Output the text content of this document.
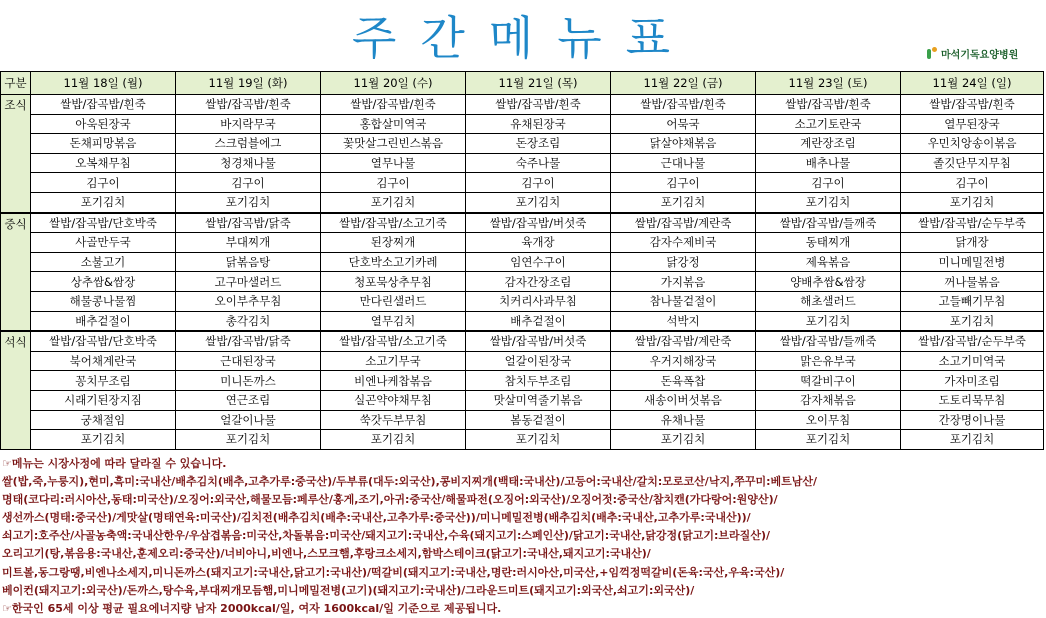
주간메뉴표	마석기독요양병원
구분	11월 18일 (월)	11월 19일 (화)	11월 20일 (수)	11월 21일 (목)	11월 22일 (금)	11월 23일 (토)	11월 24일 (일)
조식	쌀밥/잡곡밥/흰죽	쌀밥/잡곡밥/흰죽	쌀밥/잡곡밥/흰죽	쌀밥/잡곡밥/흰죽	쌀밥/잡곡밥/흰죽	쌀밥/잡곡밥/흰죽	쌀밥/잡곡밥/흰죽
	아욱된장국	바지락무국	홍합살미역국	유채된장국	어묵국	소고기토란국	열무된장국
	돈채피망볶음	스크럼블에그	꽃맛살그린빈스볶음	돈장조림	닭살야채볶음	계란장조림	우민치앙송이볶음
	오복채무침	청경채나물	열무나물	숙주나물	근대나물	배추나물	졸깃단무지무침
	김구이	김구이	김구이	김구이	김구이	김구이	김구이
	포기김치	포기김치	포기김치	포기김치	포기김치	포기김치	포기김치
중식	쌀밥/잡곡밥/단호박죽	쌀밥/잡곡밥/닭죽	쌀밥/잡곡밥/소고기죽	쌀밥/잡곡밥/버섯죽	쌀밥/잡곡밥/계란죽	쌀밥/잡곡밥/들깨죽	쌀밥/잡곡밥/순두부죽
	사골만두국	부대찌개	된장찌개	육개장	감자수제비국	동태찌개	닭개장
	소불고기	닭볶음탕	단호박소고기카레	임연수구이	닭강정	제육볶음	미니메밀전병
	상추쌈&쌈장	고구마샐러드	청포묵상추무침	감자간장조림	가지볶음	양배추쌈&쌈장	꺼나물볶음
	해물콩나물찜	오이부추무침	만다린샐러드	치커리사과무침	참나물겉절이	해초샐러드	고들빼기무침
	배추겉절이	총각김치	열무김치	배추겉절이	석박지	포기김치	포기김치
석식	쌀밥/잡곡밥/단호박죽	쌀밥/잡곡밥/닭죽	쌀밥/잡곡밥/소고기죽	쌀밥/잡곡밥/버섯죽	쌀밥/잡곡밥/계란죽	쌀밥/잡곡밥/들깨죽	쌀밥/잡곡밥/순두부죽
	북어채계란국	근대된장국	소고기무국	얼갈이된장국	우거지해장국	맑은유부국	소고기미역국
	꽁치무조림	미니돈까스	비엔나케찹볶음	참치두부조림	돈육폭찹	떡갈비구이	가자미조림
	시래기된장지짐	연근조림	실곤약야채무침	맛살미역줄기볶음	새송이버섯볶음	감자채볶음	도토리묵무침
	궁채절임	얼갈이나물	쑥갓두부무침	봄동겉절이	유채나물	오이무침	간장명이나물
	포기김치	포기김치	포기김치	포기김치	포기김치	포기김치	포기김치
☞메뉴는 시장사정에 따라 달라질 수 있습니다.
쌀(밥,죽,누룽지),현미,흑미:국내산/배추김치(배추,고추가루:중국산)/두부류(대두:외국산),콩비지찌개(백태:국내산)/고등어:국내산/갈치:모로코산/낙지,쭈꾸미:베트남산/
명태(코다리:러시아산,동태:미국산)/오징어:외국산,해물모듬:페루산/홍게,조기,아귀:중국산/해물파전(오징어:외국산)/오징어젓:중국산/참치캔(가다랑어:원양산)/
생선까스(명태:중국산)/게맛살(명태연육:미국산)/김치전(배추김치(배추:국내산,고추가루:중국산))/미니메밀전병(배추김치(배추:국내산,고추가루:국내산))/
쇠고기:호주산/사골농축액:국내산한우/우삼겹볶음:미국산,차돌볶음:미국산/돼지고기:국내산,수육(돼지고기:스페인산)/닭고기:국내산,닭강정(닭고기:브라질산)/
오리고기(탕,볶음용:국내산,훈제오리:중국산)/너비아니,비엔나,스모크햄,후랑크소세지,함박스테이크(닭고기:국내산,돼지고기:국내산)/
미트볼,동그랑땡,비엔나소세지,미니돈까스(돼지고기:국내산,닭고기:국내산)/떡갈비(돼지고기:국내산,명란:러시아산,미국산,+임꺽정떡갈비(돈육:국산,우육:국산)/
베이컨(돼지고기:외국산)/돈까스,탕수육,부대찌개모듬햄,미니메밀전병(고기)(돼지고기:국내산)/그라운드미트(돼지고기:외국산,쇠고기:외국산)/
☞한국인 65세 이상 평균 필요에너지량 남자 2000kcal/일, 여자 1600kcal/일 기준으로 제공됩니다.
